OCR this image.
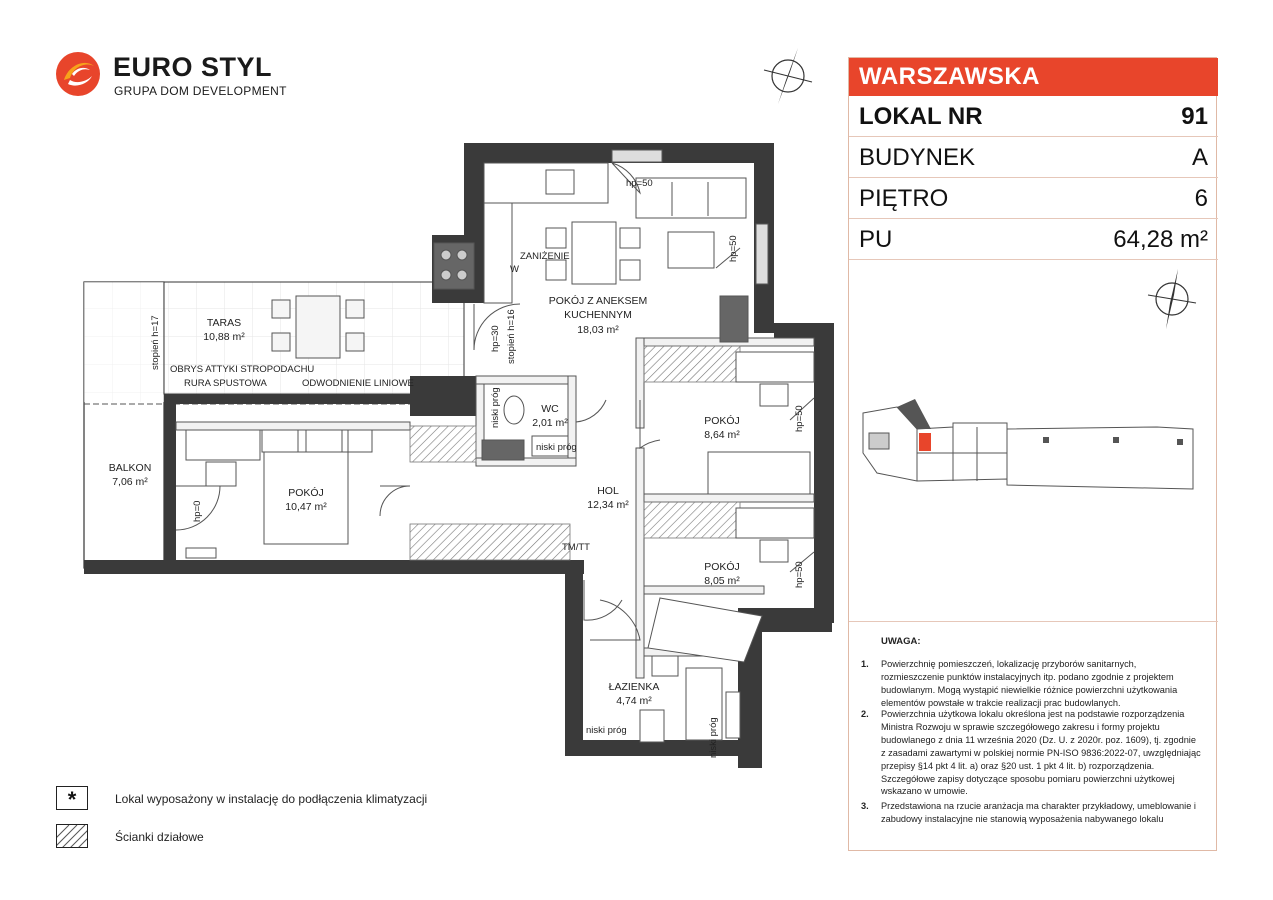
EURO STYL
GRUPA DOM DEVELOPMENT
POKÓJ Z ANEKSEM
KUCHENNYM
18,03 m²
TARAS
10,88 m²
BALKON
7,06 m²
POKÓJ
10,47 m²
WC
2,01 m²
HOL
12,34 m²
POKÓJ
8,64 m²
POKÓJ
8,05 m²
ŁAZIENKA
4,74 m²
hp=50
ZANIŻENIE
OBRYS ATTYKI STROPODACHU
RURA SPUSTOWA	ODWODNIENIE LINIOWE
TM/TT
niski próg
niski próg
W
hp=50
hp=50
hp=50
hp=30
hp=0
stopień h=16
stopień h=17
niski próg
niski próg
WARSZAWSKA
LOKAL NR	91
BUDYNEK	A
PIĘTRO	6
PU	64,28 m²
UWAGA:
1. Powierzchnię pomieszczeń, lokalizację przyborów sanitarnych, rozmieszczenie punktów instalacyjnych itp. podano zgodnie z projektem budowlanym. Mogą wystąpić niewielkie różnice powierzchni użytkowania elementów powstałe w trakcie realizacji prac budowlanych.
2. Powierzchnia użytkowa lokalu określona jest na podstawie rozporządzenia Ministra Rozwoju w sprawie szczegółowego zakresu i formy projektu budowlanego z dnia 11 września 2020 (Dz. U. z 2020r. poz. 1609), tj. zgodnie z zasadami zawartymi w polskiej normie PN-ISO 9836:2022-07, uwzględniając przepisy §14 pkt 4 lit. a) oraz §20 ust. 1 pkt 4 lit. b) rozporządzenia. Szczegółowe zapisy dotyczące sposobu pomiaru powierzchni użytkowej wskazano w umowie.
3. Przedstawiona na rzucie aranżacja ma charakter przykładowy, umeblowanie i zabudowy instalacyjne nie stanowią wyposażenia nabywanego lokalu
*	Lokal wyposażony w instalację do podłączenia klimatyzacji
Ścianki działowe
